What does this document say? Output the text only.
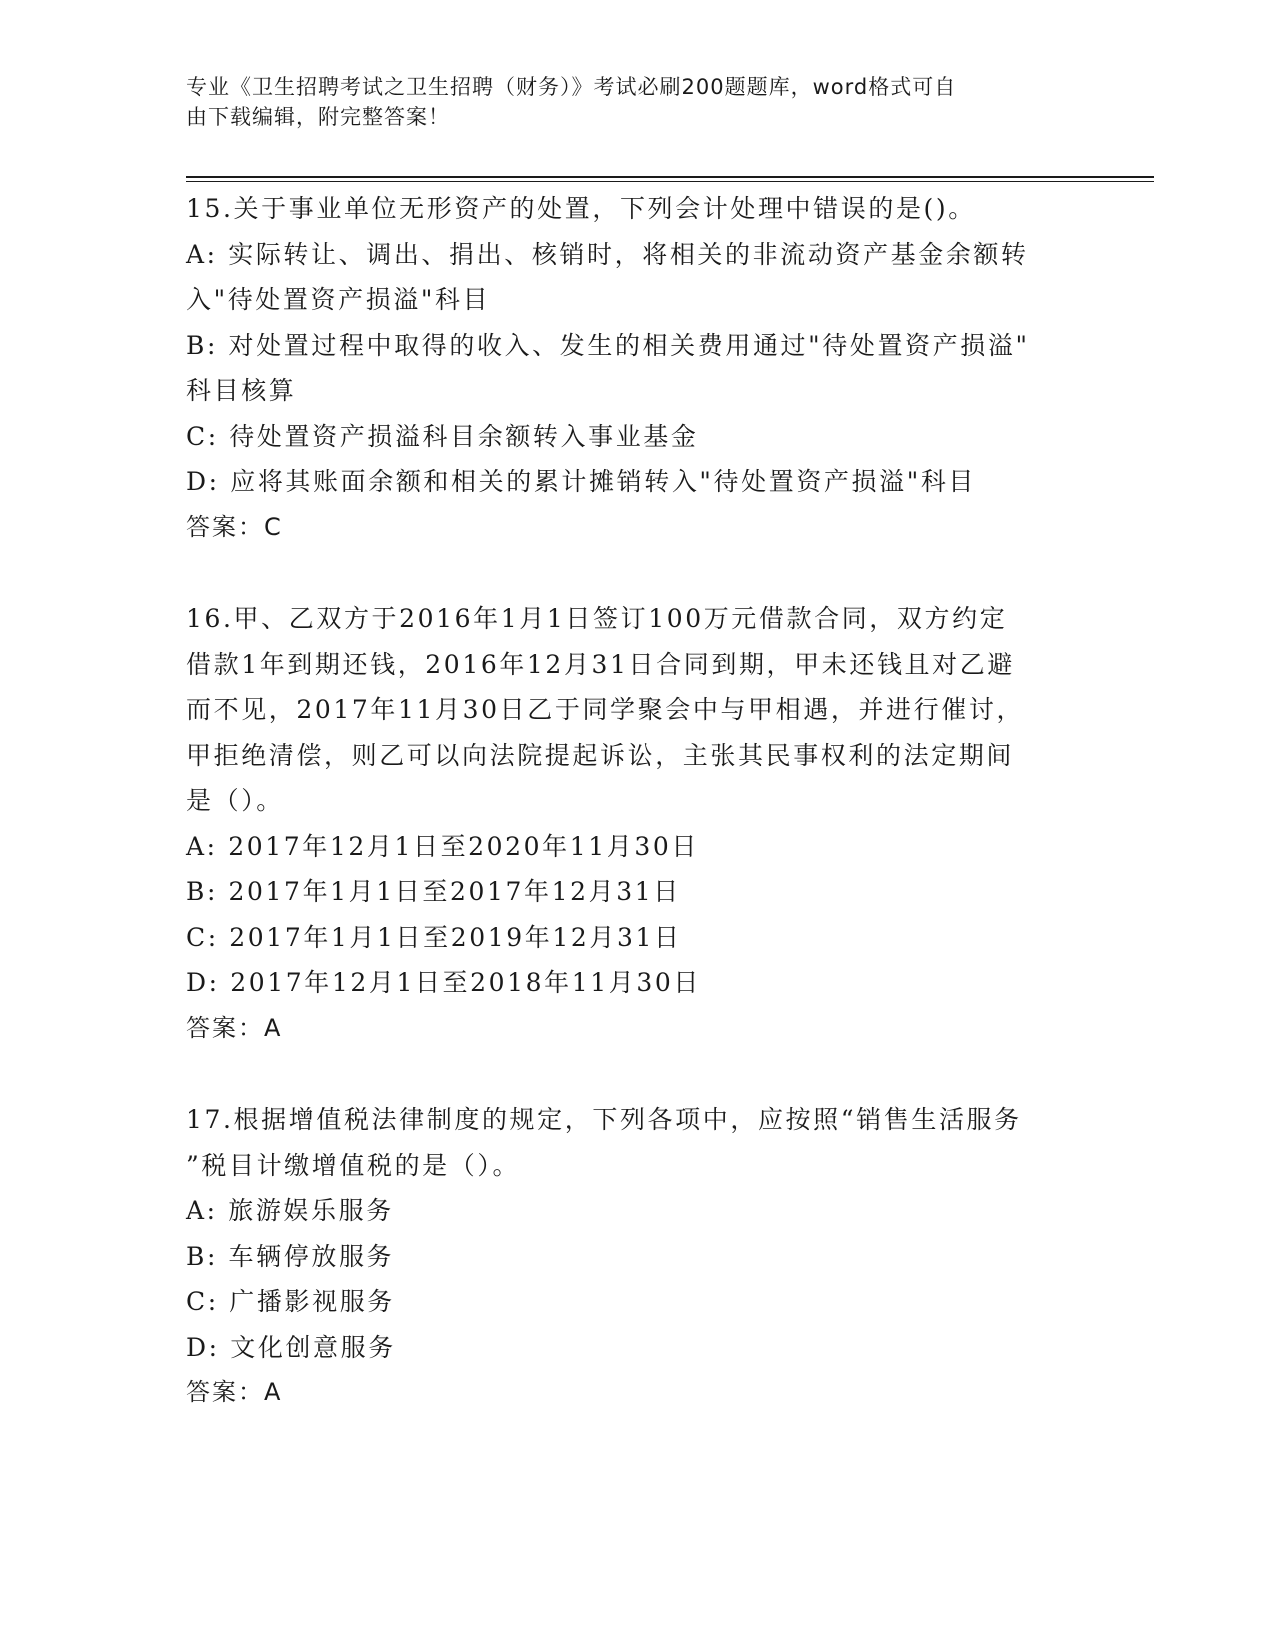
专业《卫生招聘考试之卫生招聘（财务）》考试必刷200题题库，word格式可自
由下载编辑，附完整答案！

15.关于事业单位无形资产的处置，下列会计处理中错误的是()。

A: 实际转让、调出、捐出、核销时，将相关的非流动资产基金余额转

入"待处置资产损溢"科目

B: 对处置过程中取得的收入、发生的相关费用通过"待处置资产损溢"

科目核算

C: 待处置资产损溢科目余额转入事业基金

D: 应将其账面余额和相关的累计摊销转入"待处置资产损溢"科目

答案：C

16.甲、乙双方于2016年1月1日签订100万元借款合同，双方约定

借款1年到期还钱，2016年12月31日合同到期，甲未还钱且对乙避

而不见，2017年11月30日乙于同学聚会中与甲相遇，并进行催讨，

甲拒绝清偿，则乙可以向法院提起诉讼，主张其民事权利的法定期间

是（）。

A: 2017年12月1日至2020年11月30日

B: 2017年1月1日至2017年12月31日

C: 2017年1月1日至2019年12月31日

D: 2017年12月1日至2018年11月30日

答案：A

17.根据增值税法律制度的规定，下列各项中，应按照“销售生活服务

”税目计缴增值税的是（）。

A: 旅游娱乐服务

B: 车辆停放服务

C: 广播影视服务

D: 文化创意服务

答案：A
